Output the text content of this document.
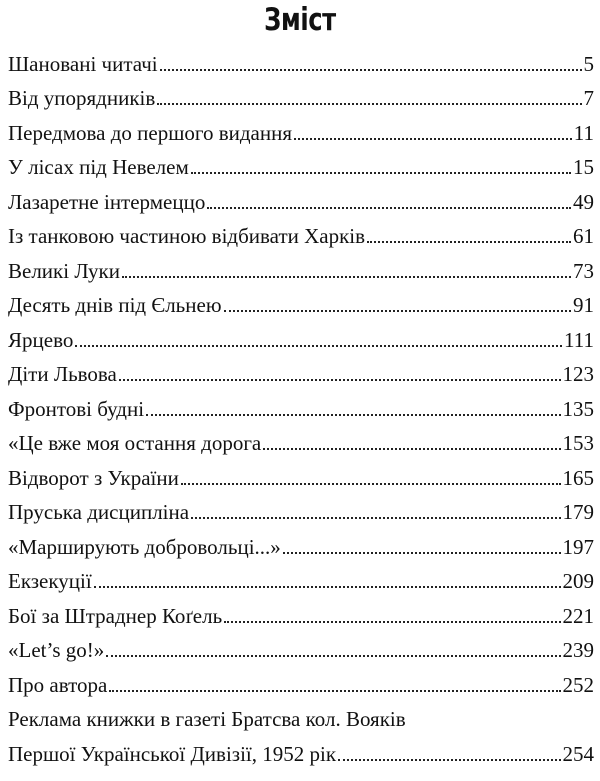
Зміст
Шановані читачі	5
Від упорядників	7
Передмова до першого видання	11
У лісах під Невелем	15
Лазаретне інтермеццо	49
Із танковою частиною відбивати Харків	61
Великі Луки	73
Десять днів під Єльнею	91
Ярцево	111
Діти Львова	123
Фронтові будні	135
«Це вже моя остання дорога	153
Відворот з України	165
Пруська дисципліна	179
«Марширують добровольці...»	197
Екзекуції	209
Бої за Штраднер Коґель	221
«Let’s go!»	239
Про автора	252
Реклама книжки в газеті Братсва кол. Вояків
Першої Української Дивізії, 1952 рік	254
